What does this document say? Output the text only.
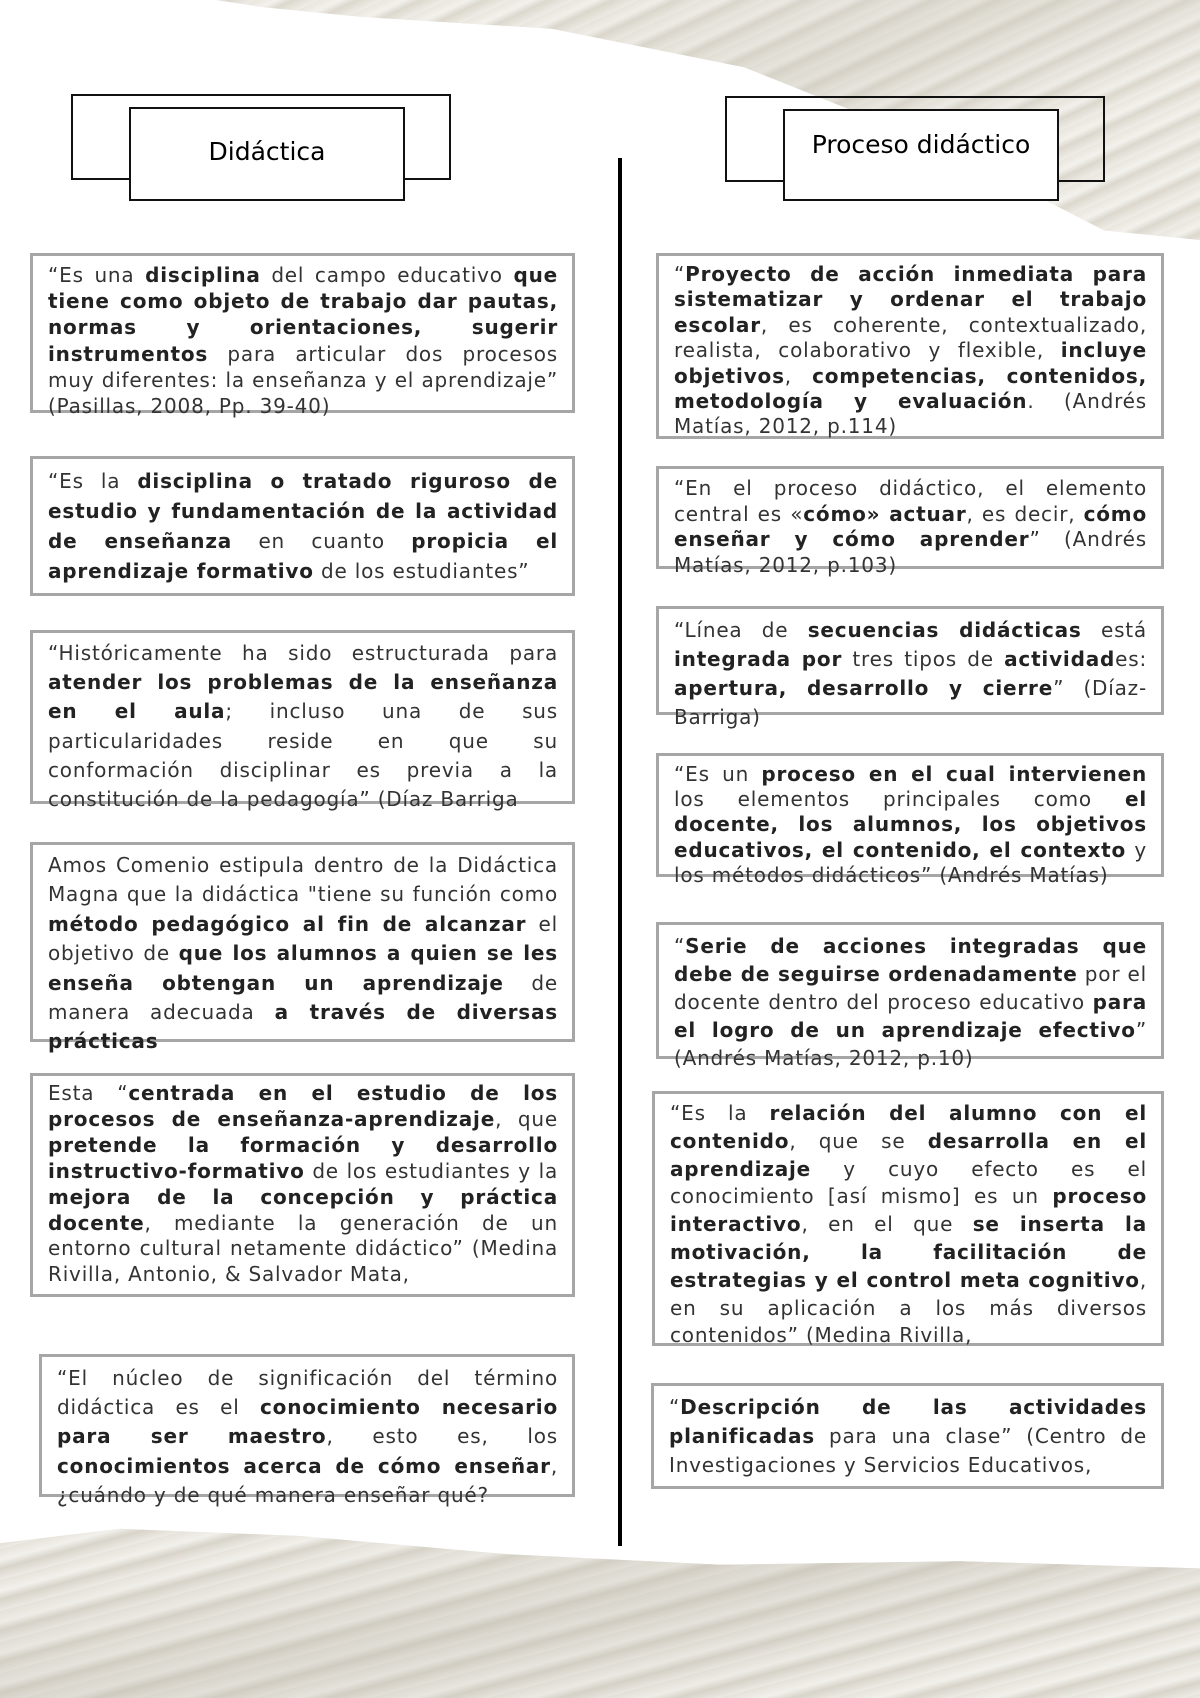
Didáctica	Proceso didáctico

“Es una disciplina del campo educativo que tiene como objeto de trabajo dar pautas, normas y orientaciones, sugerir instrumentos para articular dos procesos muy diferentes: la enseñanza y el aprendizaje” (Pasillas, 2008, Pp. 39-40)

“Es la disciplina o tratado riguroso de estudio y fundamentación de la actividad de enseñanza en cuanto propicia el aprendizaje formativo de los estudiantes”

“Históricamente ha sido estructurada para atender los problemas de la enseñanza en el aula; incluso una de sus particularidades reside en que su conformación disciplinar es previa a la constitución de la pedagogía” (Díaz Barriga

Amos Comenio estipula dentro de la Didáctica Magna que la didáctica "tiene su función como método pedagógico al fin de alcanzar el objetivo de que los alumnos a quien se les enseña obtengan un aprendizaje de manera adecuada a través de diversas prácticas

Esta “centrada en el estudio de los procesos de enseñanza-aprendizaje, que pretende la formación y desarrollo instructivo-formativo de los estudiantes y la mejora de la concepción y práctica docente, mediante la generación de un entorno cultural netamente didáctico” (Medina Rivilla, Antonio, & Salvador Mata,

“El núcleo de significación del término didáctica es el conocimiento necesario para ser maestro, esto es, los conocimientos acerca de cómo enseñar, ¿cuándo y de qué manera enseñar qué?

“Proyecto de acción inmediata para sistematizar y ordenar el trabajo escolar, es coherente, contextualizado, realista, colaborativo y flexible, incluye objetivos, competencias, contenidos, metodología y evaluación. (Andrés Matías, 2012, p.114)

“En el proceso didáctico, el elemento central es «cómo» actuar, es decir, cómo enseñar y cómo aprender” (Andrés Matías, 2012, p.103)

“Línea de secuencias didácticas está integrada por tres tipos de actividades: apertura, desarrollo y cierre” (Díaz-Barriga)

“Es un proceso en el cual intervienen los elementos principales como el docente, los alumnos, los objetivos educativos, el contenido, el contexto y los métodos didácticos” (Andrés Matías)

“Serie de acciones integradas que debe de seguirse ordenadamente por el docente dentro del proceso educativo para el logro de un aprendizaje efectivo” (Andrés Matías, 2012, p.10)

“Es la relación del alumno con el contenido, que se desarrolla en el aprendizaje y cuyo efecto es el conocimiento [así mismo] es un proceso interactivo, en el que se inserta la motivación, la facilitación de estrategias y el control meta cognitivo, en su aplicación a los más diversos contenidos” (Medina Rivilla,

“Descripción de las actividades planificadas para una clase” (Centro de Investigaciones y Servicios Educativos,
